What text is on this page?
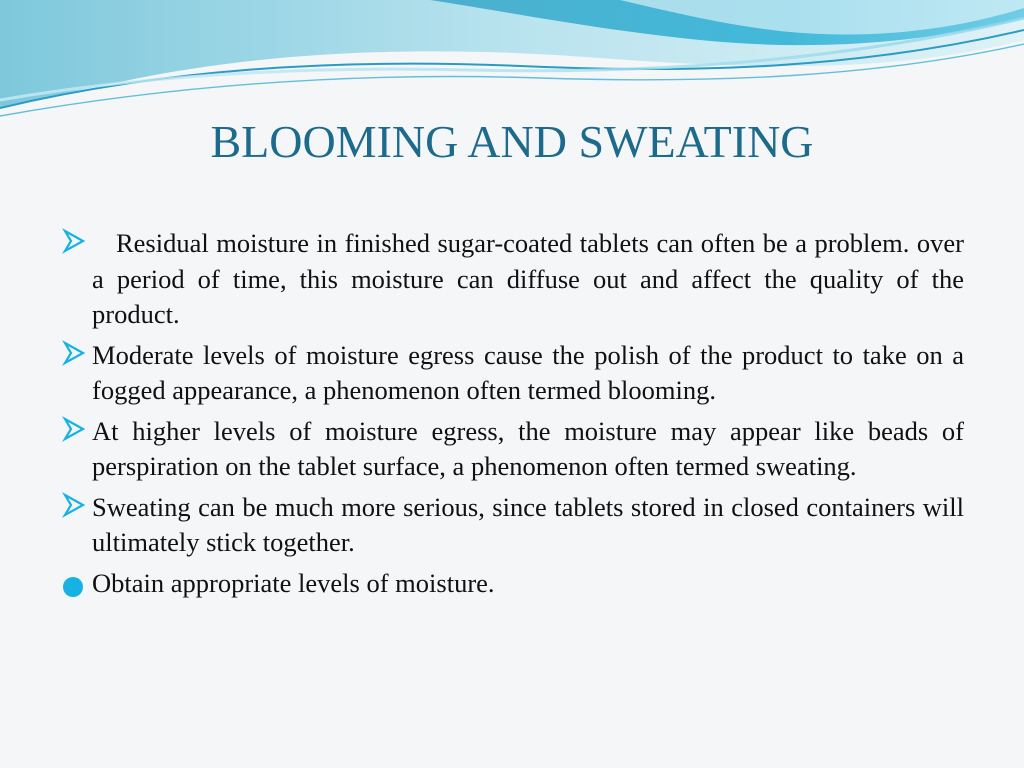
BLOOMING AND SWEATING
Residual moisture in finished sugar-coated tablets can often be a problem. over a period of time, this moisture can diffuse out and affect the quality of the product.
Moderate levels of moisture egress cause the polish of the product to take on a fogged appearance, a phenomenon often termed blooming.
At higher levels of moisture egress, the moisture may appear like beads of perspiration on the tablet surface, a phenomenon often termed sweating.
Sweating can be much more serious, since tablets stored in closed containers will ultimately stick together.
Obtain appropriate levels of moisture.
